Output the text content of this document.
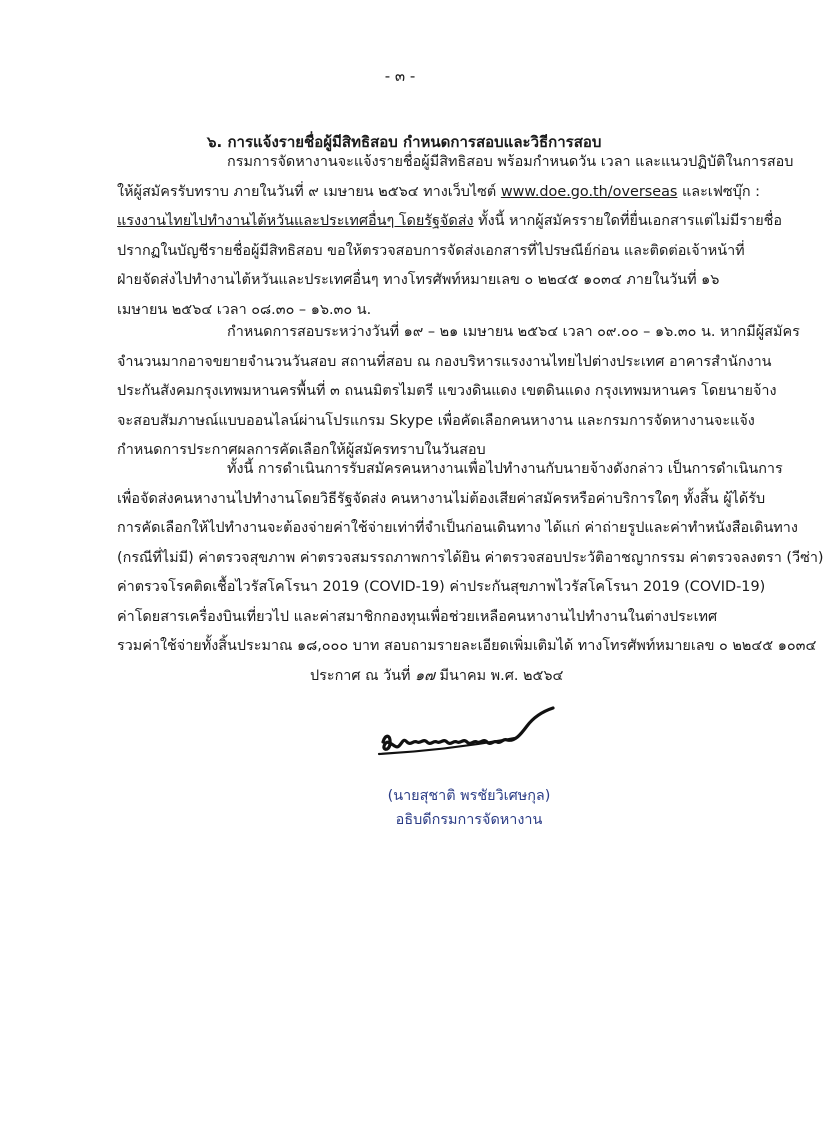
- ๓ -
๖. การแจ้งรายชื่อผู้มีสิทธิสอบ กำหนดการสอบและวิธีการสอบ
กรมการจัดหางานจะแจ้งรายชื่อผู้มีสิทธิสอบ พร้อมกำหนดวัน เวลา และแนวปฏิบัติในการสอบ
ให้ผู้สมัครรับทราบ ภายในวันที่ ๙ เมษายน ๒๕๖๔ ทางเว็บไซต์ www.doe.go.th/overseas และเฟซบุ๊ก :
แรงงานไทยไปทำงานไต้หวันและประเทศอื่นๆ โดยรัฐจัดส่ง ทั้งนี้ หากผู้สมัครรายใดที่ยื่นเอกสารแต่ไม่มีรายชื่อ
ปรากฏในบัญชีรายชื่อผู้มีสิทธิสอบ ขอให้ตรวจสอบการจัดส่งเอกสารที่ไปรษณีย์ก่อน และติดต่อเจ้าหน้าที่
ฝ่ายจัดส่งไปทำงานไต้หวันและประเทศอื่นๆ ทางโทรศัพท์หมายเลข ๐ ๒๒๔๕ ๑๐๓๔ ภายในวันที่ ๑๖
เมษายน ๒๕๖๔ เวลา ๐๘.๓๐ – ๑๖.๓๐ น.
กำหนดการสอบระหว่างวันที่ ๑๙ – ๒๑ เมษายน ๒๕๖๔ เวลา ๐๙.๐๐ – ๑๖.๓๐ น. หากมีผู้สมัคร
จำนวนมากอาจขยายจำนวนวันสอบ สถานที่สอบ ณ กองบริหารแรงงานไทยไปต่างประเทศ อาคารสำนักงาน
ประกันสังคมกรุงเทพมหานครพื้นที่ ๓ ถนนมิตรไมตรี แขวงดินแดง เขตดินแดง กรุงเทพมหานคร โดยนายจ้าง
จะสอบสัมภาษณ์แบบออนไลน์ผ่านโปรแกรม Skype เพื่อคัดเลือกคนหางาน และกรมการจัดหางานจะแจ้ง
กำหนดการประกาศผลการคัดเลือกให้ผู้สมัครทราบในวันสอบ
ทั้งนี้ การดำเนินการรับสมัครคนหางานเพื่อไปทำงานกับนายจ้างดังกล่าว เป็นการดำเนินการ
เพื่อจัดส่งคนหางานไปทำงานโดยวิธีรัฐจัดส่ง คนหางานไม่ต้องเสียค่าสมัครหรือค่าบริการใดๆ ทั้งสิ้น ผู้ได้รับ
การคัดเลือกให้ไปทำงานจะต้องจ่ายค่าใช้จ่ายเท่าที่จำเป็นก่อนเดินทาง ได้แก่ ค่าถ่ายรูปและค่าทำหนังสือเดินทาง
(กรณีที่ไม่มี) ค่าตรวจสุขภาพ ค่าตรวจสมรรถภาพการได้ยิน ค่าตรวจสอบประวัติอาชญากรรม ค่าตรวจลงตรา (วีซ่า)
ค่าตรวจโรคติดเชื้อไวรัสโคโรนา 2019 (COVID-19) ค่าประกันสุขภาพไวรัสโคโรนา 2019 (COVID-19)
ค่าโดยสารเครื่องบินเที่ยวไป และค่าสมาชิกกองทุนเพื่อช่วยเหลือคนหางานไปทำงานในต่างประเทศ
รวมค่าใช้จ่ายทั้งสิ้นประมาณ ๑๘,๐๐๐ บาท สอบถามรายละเอียดเพิ่มเติมได้ ทางโทรศัพท์หมายเลข ๐ ๒๒๔๕ ๑๐๓๔
ประกาศ ณ วันที่ ๑๗ มีนาคม พ.ศ. ๒๕๖๔
(นายสุชาติ พรชัยวิเศษกุล)
อธิบดีกรมการจัดหางาน
